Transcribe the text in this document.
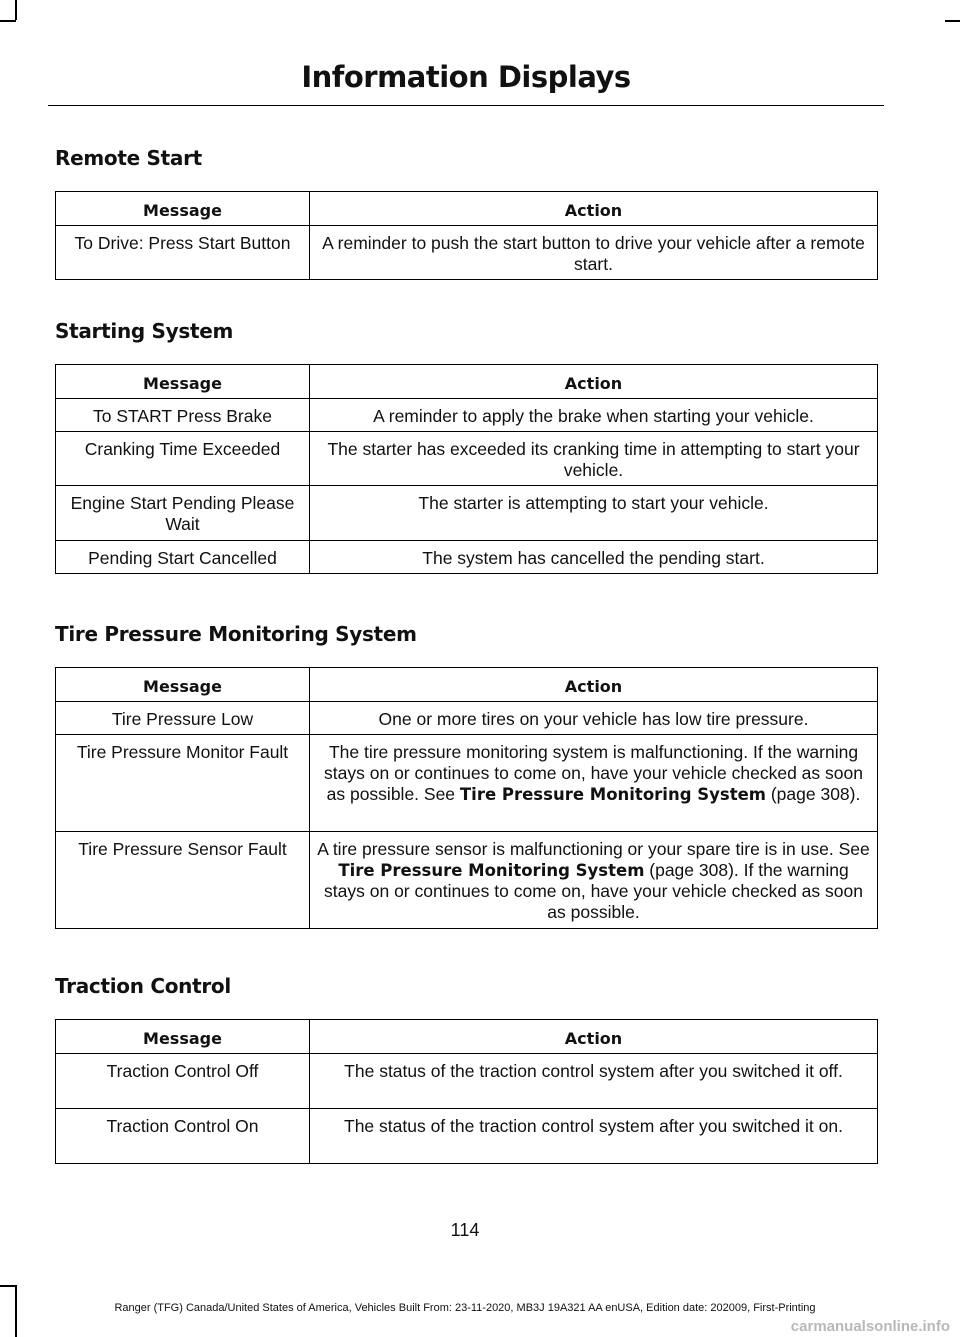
Information Displays
Remote Start
Message	Action
To Drive: Press Start Button	A reminder to push the start button to drive your vehicle after a remote start.
Starting System
Message	Action
To START Press Brake	A reminder to apply the brake when starting your vehicle.
Cranking Time Exceeded	The starter has exceeded its cranking time in attempting to start your vehicle.
Engine Start Pending Please Wait	The starter is attempting to start your vehicle.
Pending Start Cancelled	The system has cancelled the pending start.
Tire Pressure Monitoring System
Message	Action
Tire Pressure Low	One or more tires on your vehicle has low tire pressure.
Tire Pressure Monitor Fault	The tire pressure monitoring system is malfunctioning. If the warning stays on or continues to come on, have your vehicle checked as soon as possible. See Tire Pressure Monitoring System (page 308).
Tire Pressure Sensor Fault	A tire pressure sensor is malfunctioning or your spare tire is in use. See Tire Pressure Monitoring System (page 308). If the warning stays on or continues to come on, have your vehicle checked as soon as possible.
Traction Control
Message	Action
Traction Control Off	The status of the traction control system after you switched it off.
Traction Control On	The status of the traction control system after you switched it on.
114
Ranger (TFG) Canada/United States of America, Vehicles Built From: 23-11-2020, MB3J 19A321 AA enUSA, Edition date: 202009, First-Printing
carmanualsonline.info
